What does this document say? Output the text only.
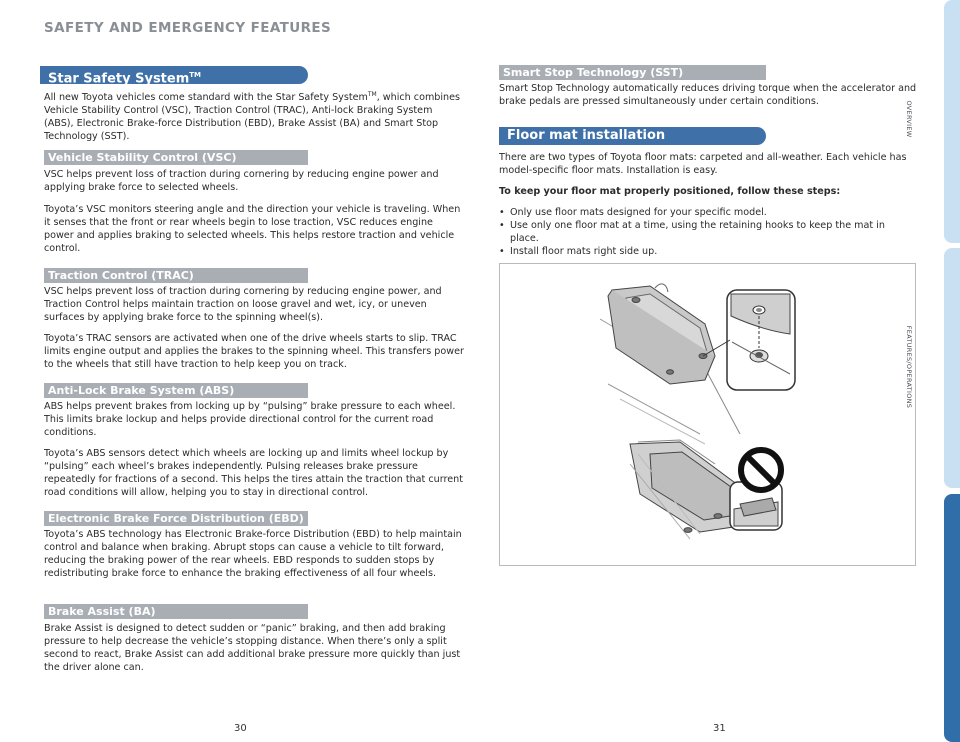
SAFETY AND EMERGENCY FEATURES
Star Safety System™

All new Toyota vehicles come standard with the Star Safety System™, which combines Vehicle Stability Control (VSC), Traction Control (TRAC), Anti-lock Braking System (ABS), Electronic Brake-force Distribution (EBD), Brake Assist (BA) and Smart Stop Technology (SST).

Vehicle Stability Control (VSC)

VSC helps prevent loss of traction during cornering by reducing engine power and applying brake force to selected wheels.

Toyota’s VSC monitors steering angle and the direction your vehicle is traveling. When it senses that the front or rear wheels begin to lose traction, VSC reduces engine power and applies braking to selected wheels. This helps restore traction and vehicle control.

Traction Control (TRAC)

VSC helps prevent loss of traction during cornering by reducing engine power, and Traction Control helps maintain traction on loose gravel and wet, icy, or uneven surfaces by applying brake force to the spinning wheel(s).

Toyota’s TRAC sensors are activated when one of the drive wheels starts to slip. TRAC limits engine output and applies the brakes to the spinning wheel. This transfers power to the wheels that still have traction to help keep you on track.

Anti-Lock Brake System (ABS)

ABS helps prevent brakes from locking up by “pulsing” brake pressure to each wheel. This limits brake lockup and helps provide directional control for the current road conditions.

Toyota’s ABS sensors detect which wheels are locking up and limits wheel lockup by “pulsing” each wheel’s brakes independently. Pulsing releases brake pressure repeatedly for fractions of a second. This helps the tires attain the traction that current road conditions will allow, helping you to stay in directional control.

Electronic Brake Force Distribution (EBD)

Toyota’s ABS technology has Electronic Brake-force Distribution (EBD) to help maintain control and balance when braking. Abrupt stops can cause a vehicle to tilt forward, reducing the braking power of the rear wheels. EBD responds to sudden stops by redistributing brake force to enhance the braking effectiveness of all four wheels.

Brake Assist (BA)

Brake Assist is designed to detect sudden or “panic” braking, and then add braking pressure to help decrease the vehicle’s stopping distance. When there’s only a split second to react, Brake Assist can add additional brake pressure more quickly than just the driver alone can.

Smart Stop Technology (SST)

Smart Stop Technology automatically reduces driving torque when the accelerator and brake pedals are pressed simultaneously under certain conditions.

Floor mat installation

There are two types of Toyota floor mats: carpeted and all-weather. Each vehicle has model-specific floor mats. Installation is easy.

To keep your floor mat properly positioned, follow these steps:

• Only use floor mats designed for your specific model.
• Use only one floor mat at a time, using the retaining hooks to keep the mat in place.
• Install floor mats right side up.
30	31
OVERVIEW
FEATURES/OPERATIONS
SAFETY AND EMERGENCY FEATURES
